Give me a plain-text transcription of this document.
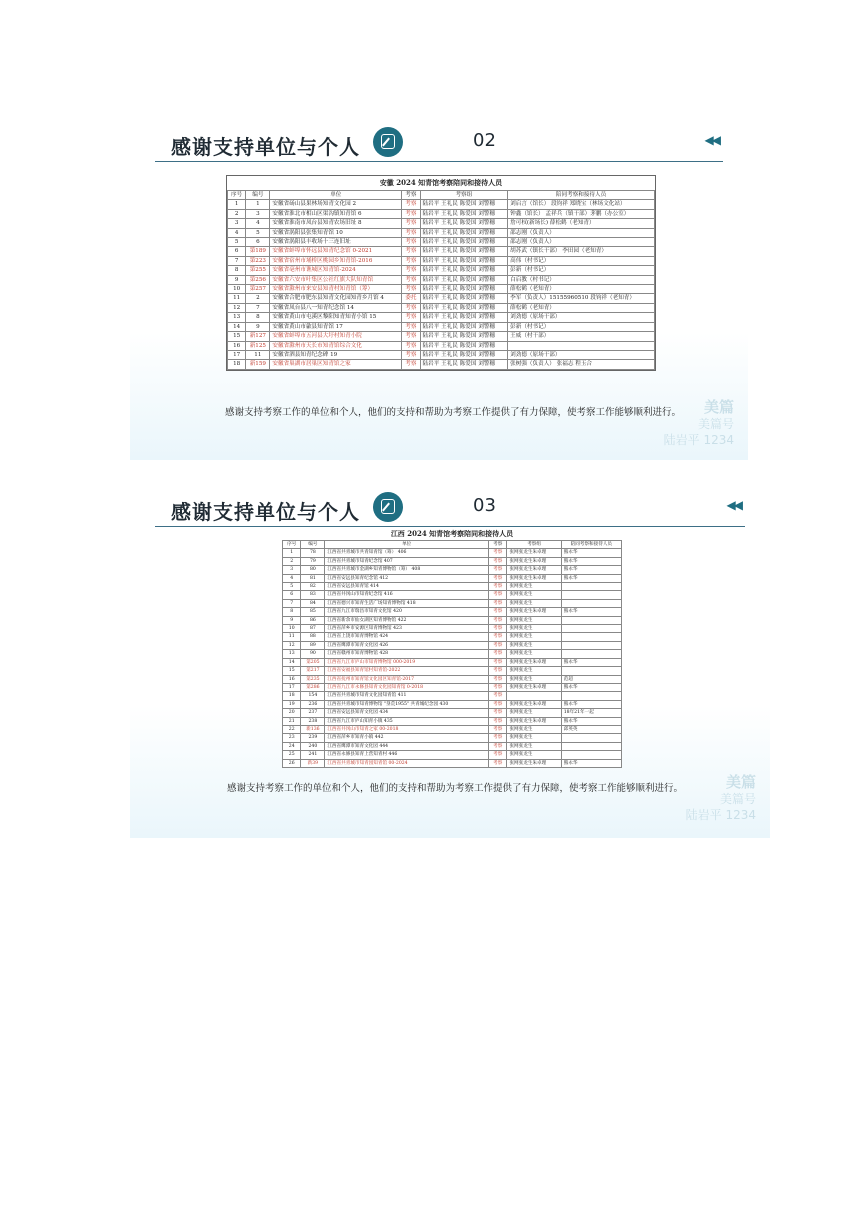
感谢支持单位与个人	02	◀◀
安徽 2024 知青馆考察陪同和接待人员
序号	编号	单位	考察	考察组	陪同考察和接待人员
1	1	安徽省砀山县果林场知青文化园 2	考察	陆岩平 王礼民 陈爱国 刘警穗	刘启言（馆长） 段钧祥 郑晓宝（林场文化站）
2	3	安徽省淮北市相山区渠沟镇知青馆 6	考察	陆岩平 王礼民 陈爱国 刘警穗	钟鑫（馆长） 孟祥兵（镇干部）茅鹏（办公室）
3	4	安徽省淮南市凤台县知青农场旧址 8	考察	陆岩平 王礼民 陈爱国 刘警穗	詹可权(新场长) 薛松鹤（老知青）
4	5	安徽省涡阳县张集知青馆 10	考察	陆岩平 王礼民 陈爱国 刘警穗	邵志刚（负责人）
5	6	安徽省涡阳县丰收场十三连旧址	考察	陆岩平 王礼民 陈爱国 刘警穗	邵志刚（负责人）
6	第189	安徽省蚌埠市怀远县知青纪念馆 0-2021	考察	陆岩平 王礼民 陈爱国 刘警穗	胡苏武（镇长干部） 李田园（老知青）
7	第223	安徽省宿州市埇桥区桃园乡知青馆-2016	考察	陆岩平 王礼民 陈爱国 刘警穗	高伟（村书记）
8	第255	安徽省亳州市谯城区知青馆-2024	考察	陆岩平 王礼民 陈爱国 刘警穗	彭新（村书记）
9	第256	安徽省六安市叶集区公社红旗大队知青馆	考察	陆岩平 王礼民 陈爱国 刘警穗	白启教（村书记）
10	第257	安徽省滁州市来安县知青村知青馆（筹）	考察	陆岩平 王礼民 陈爱国 刘警穗	薛松鹤（老知青）
11	2	安徽省合肥市肥东县知青文化园知青乡月馆 4	委托	陆岩平 王礼民 陈爱国 刘警穗	李军（负责人）15155960510 段钧祥（老知青）
12	7	安徽省凤台县八一知青纪念馆 14	考察	陆岩平 王礼民 陈爱国 刘警穗	薛松鹤（老知青）
13	8	安徽省黄山市屯溪区黎阳知青知青小馆 15	考察	陆岩平 王礼民 陈爱国 刘警穗	刘劲德（原场干部）
14	9	安徽省黄山市歙县知青馆 17	考察	陆岩平 王礼民 陈爱国 刘警穗	彭新（村书记）
15	新127	安徽省蚌埠市五河县大圩村知青小院	考察	陆岩平 王礼民 陈爱国 刘警穗	王威（村干部）
16	新125	安徽省滁州市天长市知青馆综合文化	考察	陆岩平 王礼民 陈爱国 刘警穗	
17	11	安徽省泗县知青纪念碑 19	考察	陆岩平 王礼民 陈爱国 刘警穗	刘劲德（原场干部）
18	新159	安徽省巢湖市居巢区知青馆之家	考察	陆岩平 王礼民 陈爱国 刘警穗	张树强（负责人） 张福志 程玉合
感谢支持考察工作的单位和个人，他们的支持和帮助为考察工作提供了有力保障，使考察工作能够顺利进行。	美篇
美篇号
陆岩平 1234
感谢支持单位与个人	03	◀◀
江西 2024 知青馆考察陪同和接待人员
序号	编号	单位	考察	考察组	陪同考察和接待人员
1	78	江西省共青城市共青知青馆（筹） 406	考察	张网张龙生朱卓理	熊永华
2	79	江西省共青城市知青纪念馆 407	考察	张网张龙生朱卓理	熊永华
3	80	江西省共青城市金湖乡知青博物馆（筹） 408	考察	张网张龙生朱卓理	熊永华
4	81	江西省安远县知青纪念馆 412	考察	张网张龙生朱卓理	熊永华
5	82	江西省安远县知青馆 414	考察	张网张龙生	
6	83	江西省井冈山市知青纪念馆 416	考察	张网张龙生	
7	84	江西省德兴市知青生活广场知青博物馆 418	考察	张网张龙生	
8	85	江西省九江市瑞昌市知青文化馆 420	考察	张网张龙生朱卓理	熊永华
9	86	江西省新余市仙女湖区知青博物馆 422	考察	张网张龙生	
10	87	江西省萍乡市安源区知青博物馆 423	考察	张网张龙生	
11	88	江西省上饶市知青博物馆 424	考察	张网张龙生	
12	89	江西省鹰潭市知青文化园 426	考察	张网张龙生	
13	90	江西省赣州市知青博物馆 428	考察	张网张龙生	
14	第205	江西省九江市庐山市知青博物馆 000-2019	考察	张网张龙生朱卓理	熊永华
15	第217	江西省安福县知青馆村知青馆-2022	考察	张网张龙生	
16	第235	江西省抚州市知青馆文化园区知青馆-2017	考察	张网张龙生	范超
17	第286	江西省九江市永修县知青文化园知青馆 0-2018	考察	张网张龙生朱卓理	熊永华
18	154	江西省共青城市知青文化园知青馆 411	考察		
19	236	江西省共青城市知青博物馆 "垦荒1955" 共青城纪念园 430	考察	张网张龙生朱卓理	熊永华
20	237	江西省安远县知青文化园 434	考察	张网张龙生	18年21年一起
21	238	江西省九江市庐山知青小镇 435	考察	张网张龙生朱卓理	熊永华
22	新136	江西省井冈山市知青之家 00-2018	考察	张网张龙生	邱英英
23	239	江西省萍乡市知青小镇 442	考察	张网张龙生	
24	240	江西省鹰潭市知青文化园 444	考察	张网张龙生	
25	241	江西省永修县知青上营知青村 446	考察	张网张龙生	
26	新39	江西省共青城市知青园知青馆 00-2024	考察	张网张龙生朱卓理	熊永华
感谢支持考察工作的单位和个人，他们的支持和帮助为考察工作提供了有力保障，使考察工作能够顺利进行。	美篇
美篇号
陆岩平 1234
